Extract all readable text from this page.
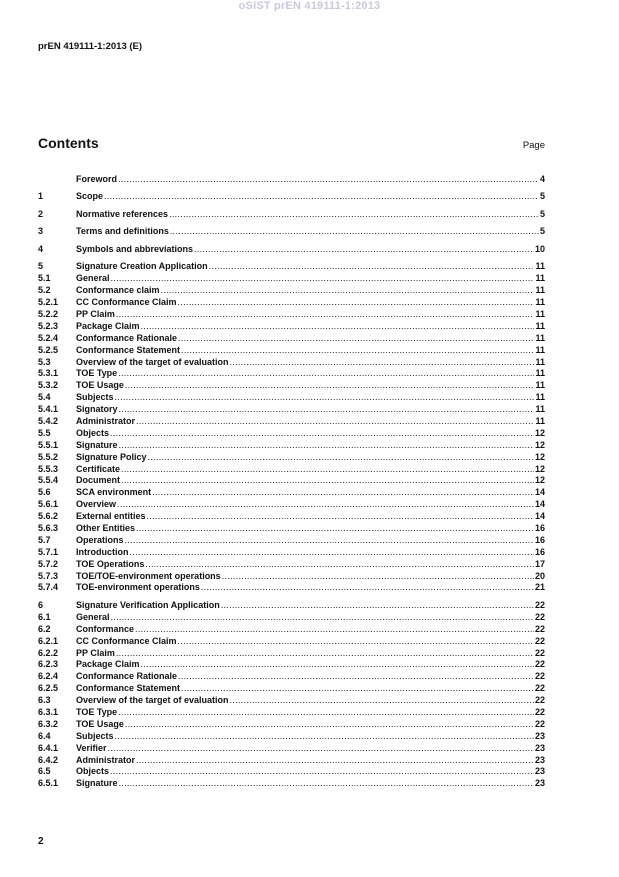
oSIST prEN 419111-1:2013
prEN 419111-1:2013 (E)
Contents	Page
Foreword .....	4
1	Scope .....	5
2	Normative references .....	5
3	Terms and definitions .....	5
4	Symbols and abbreviations .....	10
5	Signature Creation Application .....	11
5.1	General .....	11
5.2	Conformance claim .....	11
5.2.1	CC Conformance Claim .....	11
5.2.2	PP Claim .....	11
5.2.3	Package Claim .....	11
5.2.4	Conformance Rationale .....	11
5.2.5	Conformance Statement .....	11
5.3	Overview of the target of evaluation .....	11
5.3.1	TOE Type .....	11
5.3.2	TOE Usage .....	11
5.4	Subjects .....	11
5.4.1	Signatory .....	11
5.4.2	Administrator .....	11
5.5	Objects .....	12
5.5.1	Signature .....	12
5.5.2	Signature Policy .....	12
5.5.3	Certificate .....	12
5.5.4	Document .....	12
5.6	SCA environment .....	14
5.6.1	Overview .....	14
5.6.2	External entities .....	14
5.6.3	Other Entities .....	16
5.7	Operations .....	16
5.7.1	Introduction .....	16
5.7.2	TOE Operations .....	17
5.7.3	TOE/TOE-environment operations .....	20
5.7.4	TOE-environment operations .....	21
6	Signature Verification Application .....	22
6.1	General .....	22
6.2	Conformance .....	22
6.2.1	CC Conformance Claim .....	22
6.2.2	PP Claim .....	22
6.2.3	Package Claim .....	22
6.2.4	Conformance Rationale .....	22
6.2.5	Conformance Statement .....	22
6.3	Overview of the target of evaluation .....	22
6.3.1	TOE Type .....	22
6.3.2	TOE Usage .....	22
6.4	Subjects .....	23
6.4.1	Verifier .....	23
6.4.2	Administrator .....	23
6.5	Objects .....	23
6.5.1	Signature .....	23
2
